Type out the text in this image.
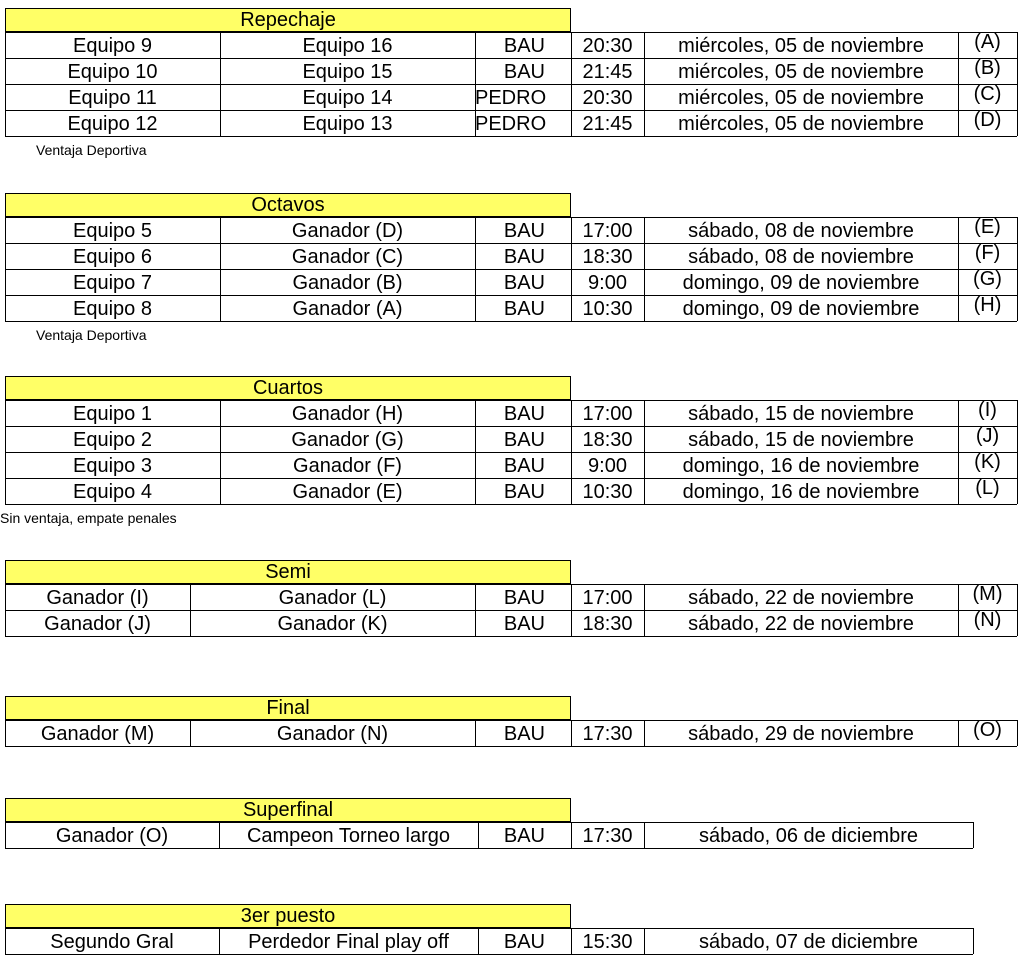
Repechaje
Equipo 9	Equipo 16	BAU	20:30	miércoles, 05 de noviembre	(A)
Equipo 10	Equipo 15	BAU	21:45	miércoles, 05 de noviembre	(B)
Equipo 11	Equipo 14	PEDRO	20:30	miércoles, 05 de noviembre	(C)
Equipo 12	Equipo 13	PEDRO	21:45	miércoles, 05 de noviembre	(D)
Ventaja Deportiva
Octavos
Equipo 5	Ganador (D)	BAU	17:00	sábado, 08 de noviembre	(E)
Equipo 6	Ganador (C)	BAU	18:30	sábado, 08 de noviembre	(F)
Equipo 7	Ganador (B)	BAU	9:00	domingo, 09 de noviembre	(G)
Equipo 8	Ganador (A)	BAU	10:30	domingo, 09 de noviembre	(H)
Ventaja Deportiva
Cuartos
Equipo 1	Ganador (H)	BAU	17:00	sábado, 15 de noviembre	(I)
Equipo 2	Ganador (G)	BAU	18:30	sábado, 15 de noviembre	(J)
Equipo 3	Ganador (F)	BAU	9:00	domingo, 16 de noviembre	(K)
Equipo 4	Ganador (E)	BAU	10:30	domingo, 16 de noviembre	(L)
Sin ventaja, empate penales
Semi
Ganador (I)	Ganador (L)	BAU	17:00	sábado, 22 de noviembre	(M)
Ganador (J)	Ganador (K)	BAU	18:30	sábado, 22 de noviembre	(N)
Final
Ganador (M)	Ganador (N)	BAU	17:30	sábado, 29 de noviembre	(O)
Superfinal
Ganador (O)	Campeon Torneo largo	BAU	17:30	sábado, 06 de diciembre
3er puesto
Segundo Gral	Perdedor Final play off	BAU	15:30	sábado, 07 de diciembre
